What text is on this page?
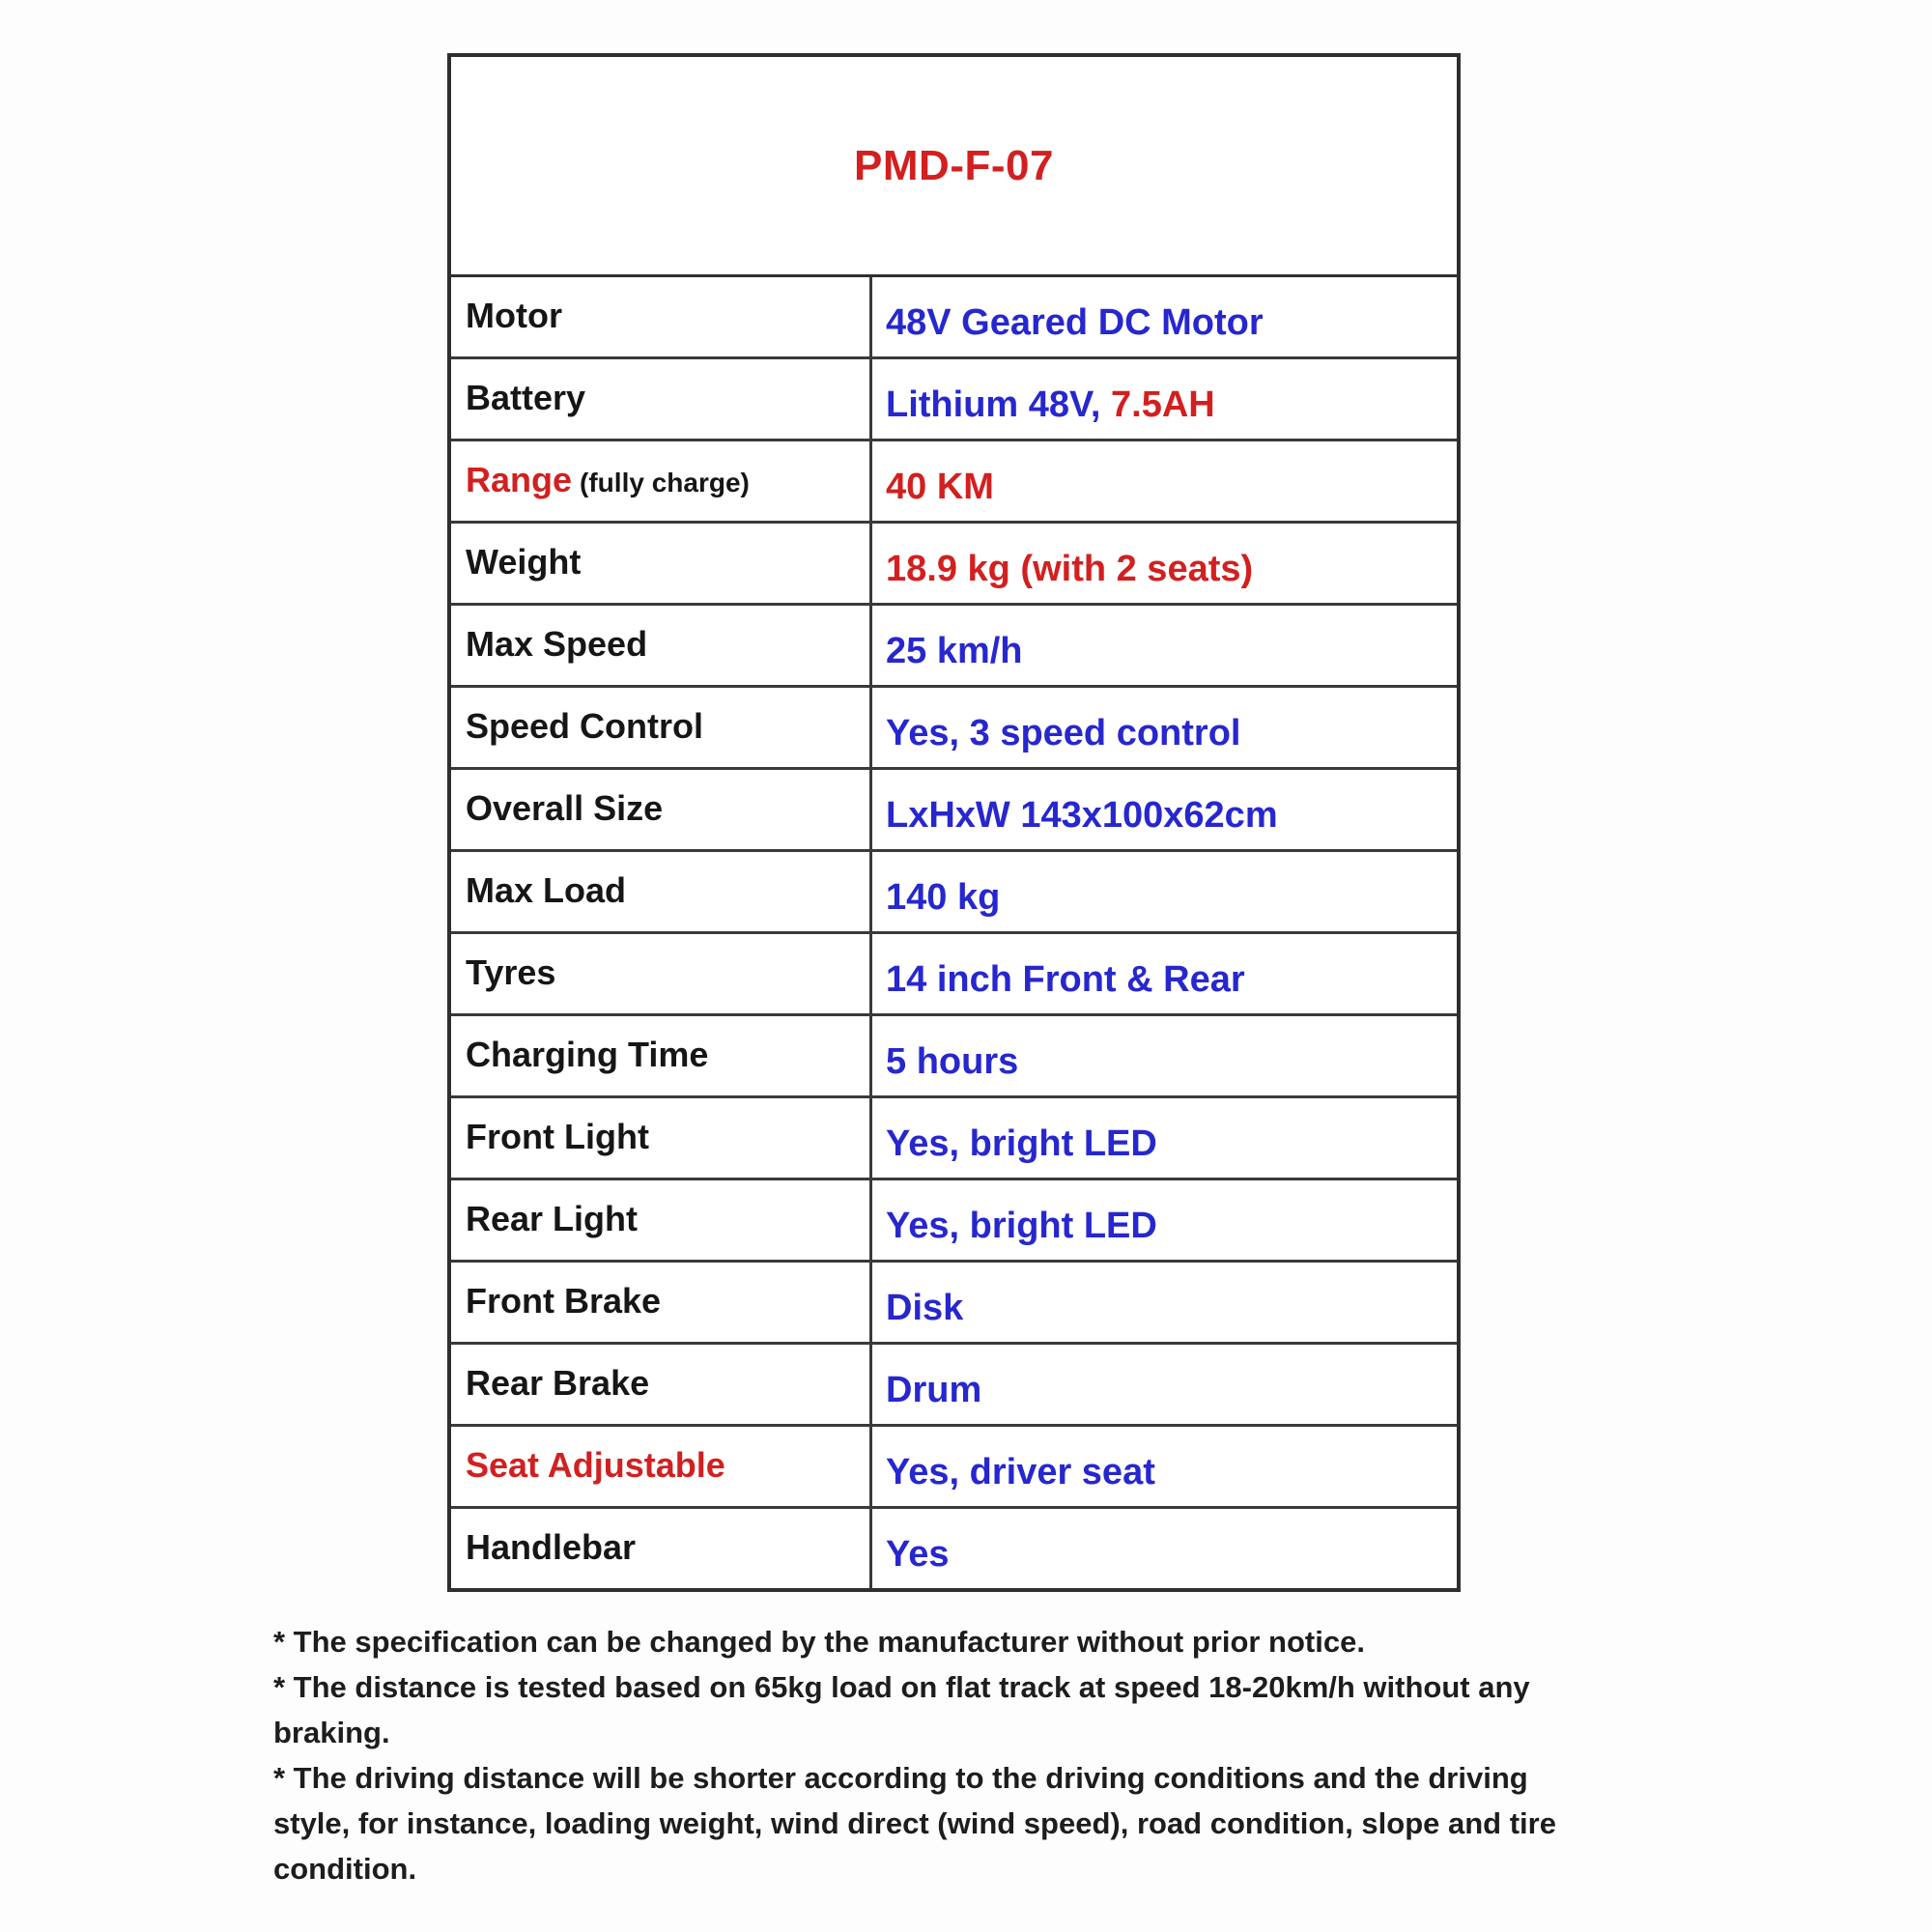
PMD-F-07
Motor	48V Geared DC Motor
Battery	Lithium 48V, 7.5AH
Range (fully charge)	40 KM
Weight	18.9 kg (with 2 seats)
Max Speed	25 km/h
Speed Control	Yes, 3 speed control
Overall Size	LxHxW 143x100x62cm
Max Load	140 kg
Tyres	14 inch Front & Rear
Charging Time	5 hours
Front Light	Yes, bright LED
Rear Light	Yes, bright LED
Front Brake	Disk
Rear Brake	Drum
Seat Adjustable	Yes, driver seat
Handlebar	Yes
* The specification can be changed by the manufacturer without prior notice.
* The distance is tested based on 65kg load on flat track at speed 18-20km/h without any
braking.
* The driving distance will be shorter according to the driving conditions and the driving
style, for instance, loading weight, wind direct (wind speed), road condition, slope and tire
condition.
